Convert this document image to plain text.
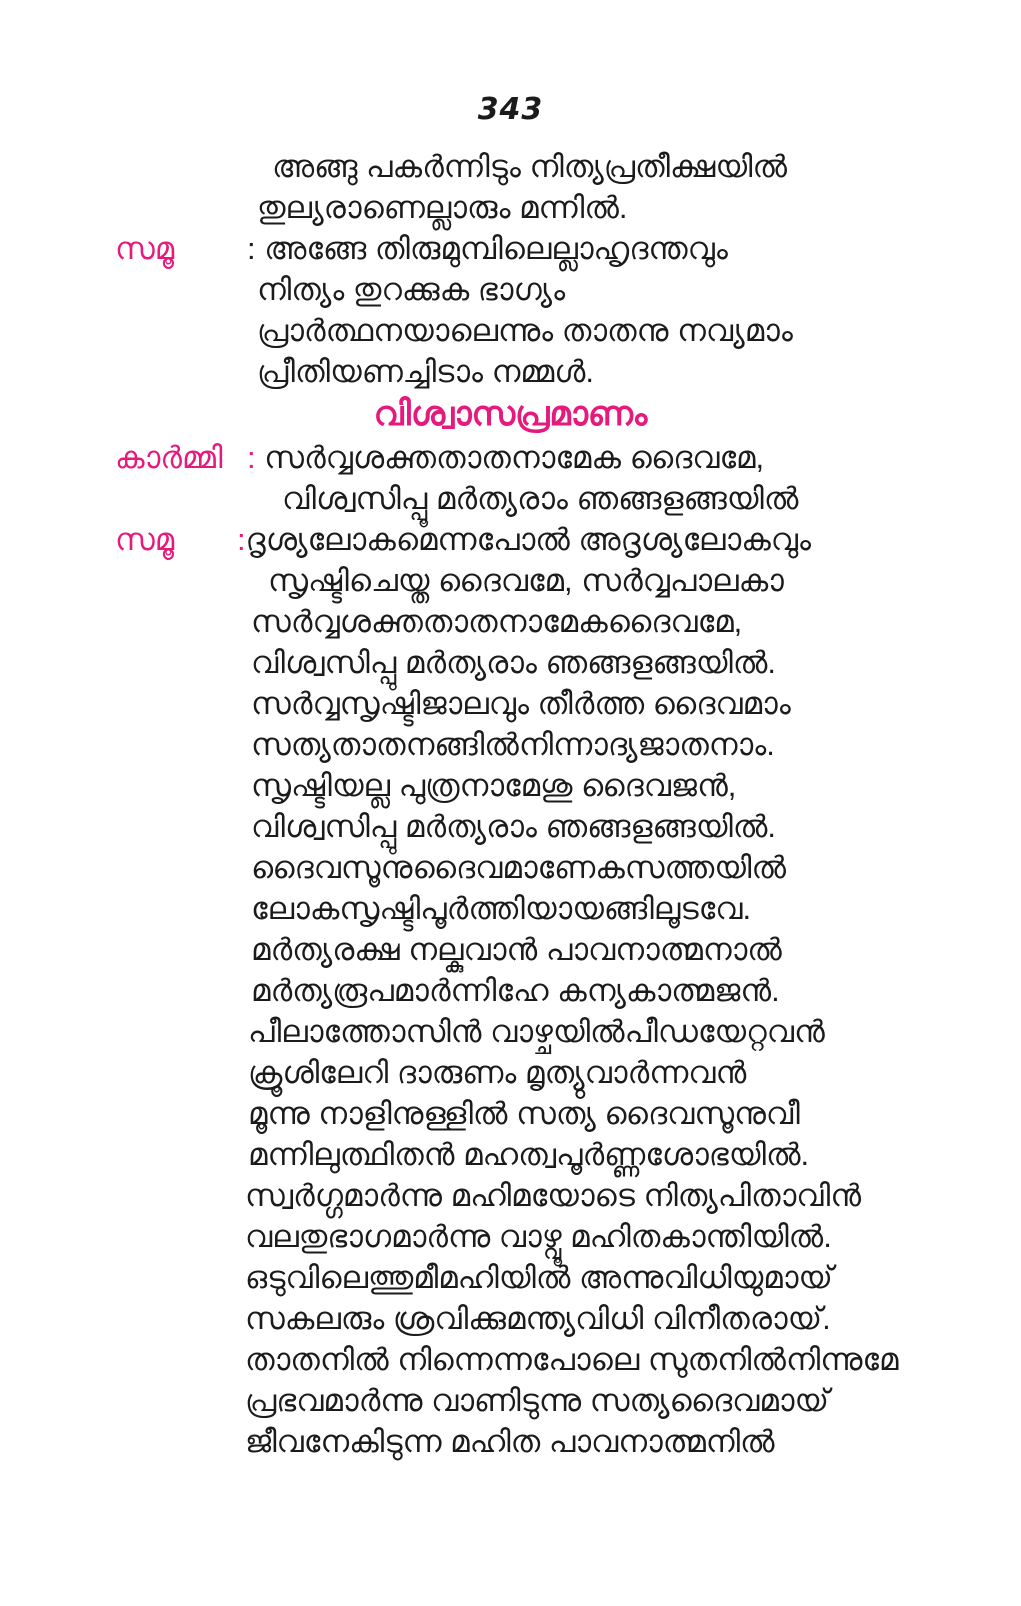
343
അങ്ങു പകർന്നിടും നിത്യപ്രതീക്ഷയിൽ
തുല്യരാണെല്ലാരും മന്നിൽ.
സമൂ : അങ്ങേ തിരുമുമ്പിലെല്ലാഹൃദന്തവും
നിത്യം തുറക്കുക ഭാഗ്യം
പ്രാർത്ഥനയാലെന്നും താതനു നവ്യമാം
പ്രീതിയണച്ചിടാം നമ്മൾ.
വിശ്വാസപ്രമാണം
കാർമ്മി : സർവ്വശക്തതാതനാമേക ദൈവമേ,
വിശ്വസിപ്പൂ മർത്യരാം ഞങ്ങളങ്ങയിൽ
സമൂ :ദൃശ്യലോകമെന്നപോൽ അദൃശ്യലോകവും
സൃഷ്ടിചെയ്ത ദൈവമേ, സർവ്വപാലകാ
സർവ്വശക്തതാതനാമേകദൈവമേ,
വിശ്വസിപ്പു മർത്യരാം ഞങ്ങളങ്ങയിൽ.
സർവ്വസൃഷ്ടിജാലവും തീർത്ത ദൈവമാം
സത്യതാതനങ്ങിൽനിന്നാദ്യജാതനാം.
സൃഷ്ടിയല്ല പുത്രനാമേശു ദൈവജൻ,
വിശ്വസിപ്പു മർത്യരാം ഞങ്ങളങ്ങയിൽ.
ദൈവസൂനുദൈവമാണേകസത്തയിൽ
ലോകസൃഷ്ടിപൂർത്തിയായങ്ങിലൂടവേ.
മർത്യരക്ഷ നല്കുവാൻ പാവനാത്മനാൽ
മർത്യരൂപമാർന്നിഹേ കന്യകാത്മജൻ.
പീലാത്തോസിൻ വാഴ്ചയിൽപീഡയേറ്റവൻ
ക്രൂശിലേറി ദാരുണം മൃത്യുവാർന്നവൻ
മൂന്നു നാളിനുള്ളിൽ സത്യ ദൈവസൂനുവീ
മന്നിലുത്ഥിതൻ മഹത്വപൂർണ്ണശോഭയിൽ.
സ്വർഗ്ഗമാർന്നു മഹിമയോടെ നിത്യപിതാവിൻ
വലതുഭാഗമാർന്നു വാഴ്വൂ മഹിതകാന്തിയിൽ.
ഒടുവിലെത്തുമീമഹിയിൽ അന്നുവിധിയുമായ്
സകലരും ശ്രവിക്കുമന്ത്യവിധി വിനീതരായ്.
താതനിൽ നിന്നെന്നപോലെ സുതനിൽനിന്നുമേ
പ്രഭവമാർന്നു വാണിടുന്നു സത്യദൈവമായ്
ജീവനേകിടുന്ന മഹിത പാവനാത്മനിൽ
